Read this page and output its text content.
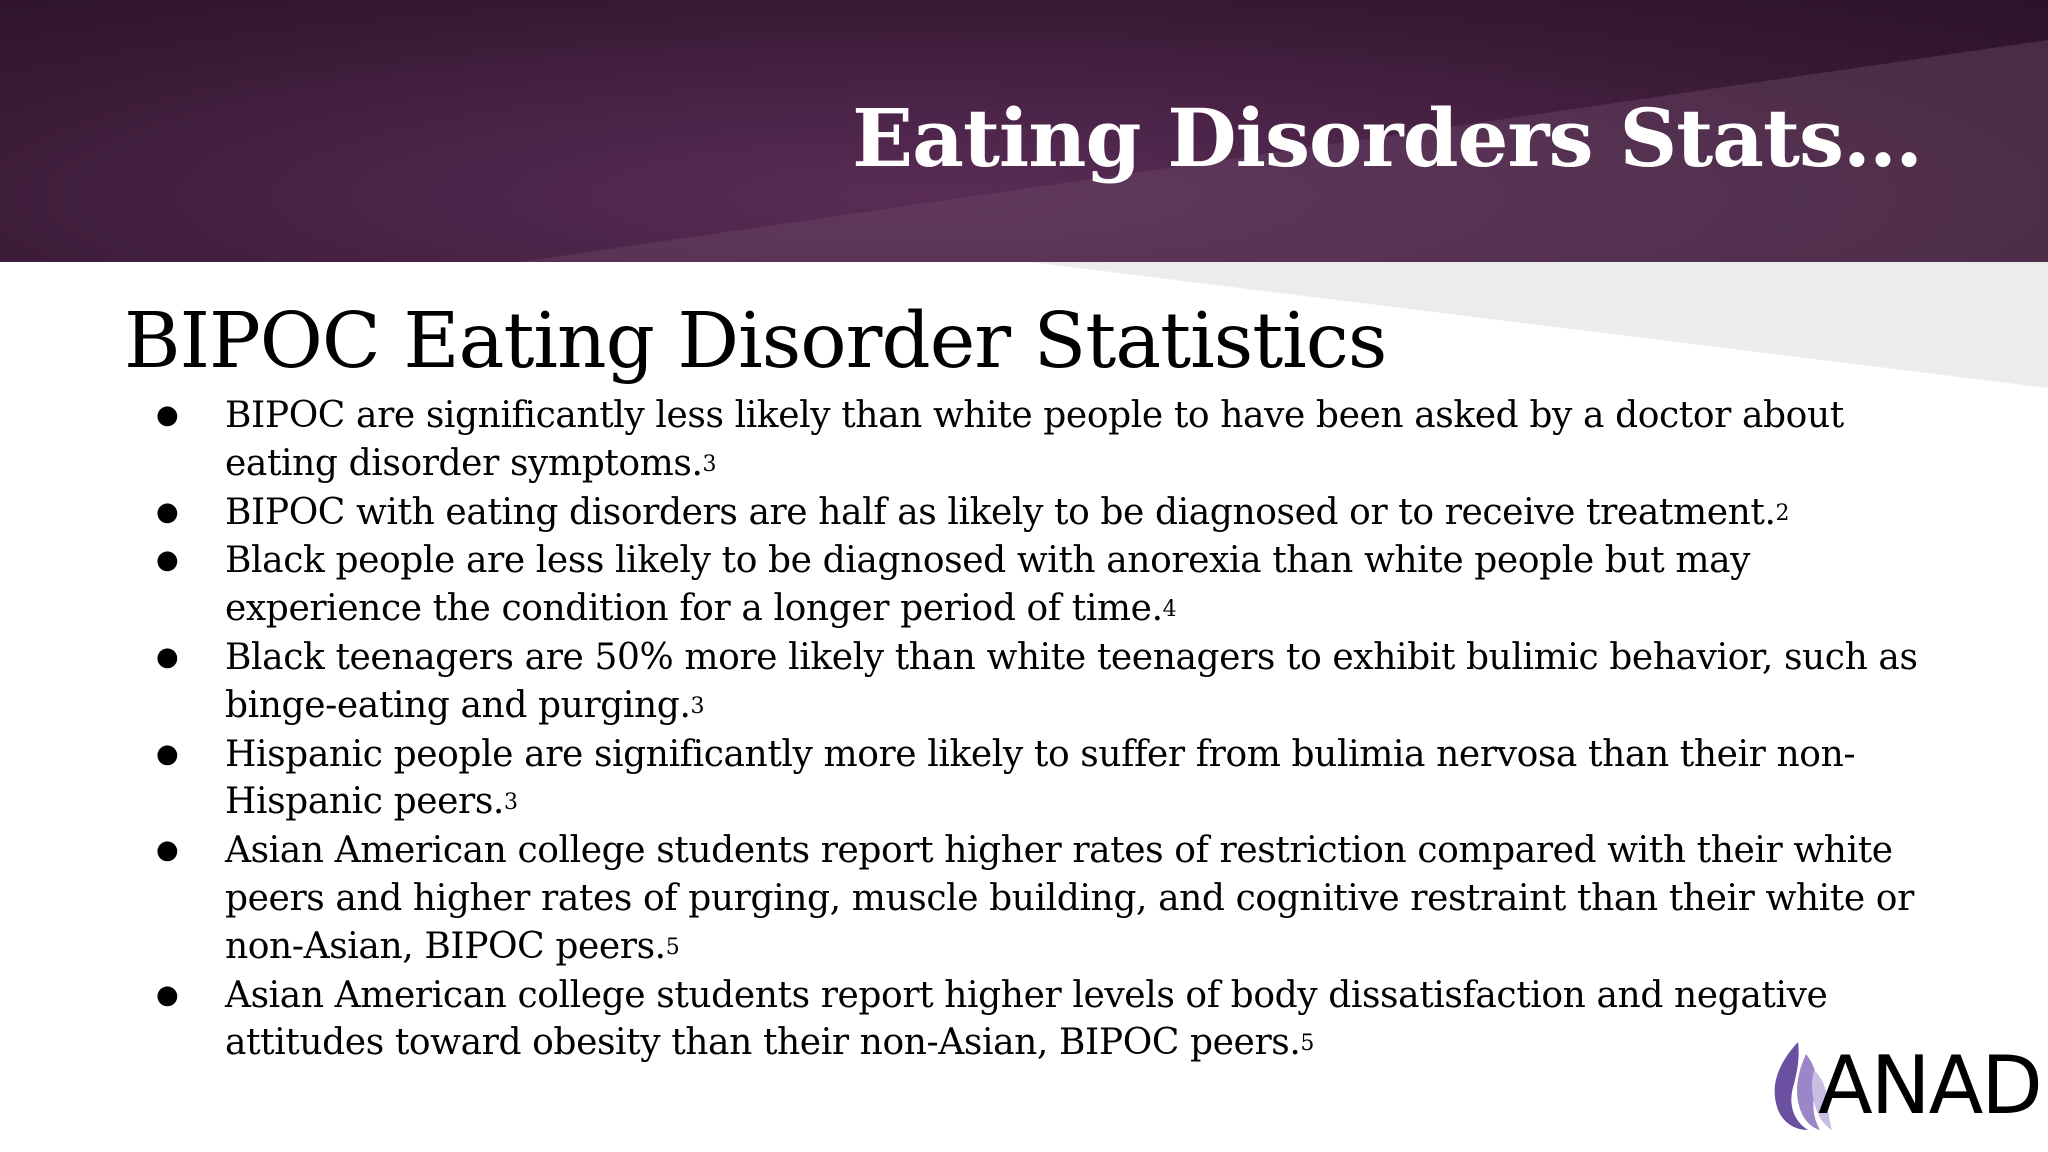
Eating Disorders Stats…
BIPOC Eating Disorder Statistics
● BIPOC are significantly less likely than white people to have been asked by a doctor about eating disorder symptoms.$^3$
● BIPOC with eating disorders are half as likely to be diagnosed or to receive treatment.$^2$
● Black people are less likely to be diagnosed with anorexia than white people but may experience the condition for a longer period of time.$^4$
● Black teenagers are 50% more likely than white teenagers to exhibit bulimic behavior, such as binge-eating and purging.$^3$
● Hispanic people are significantly more likely to suffer from bulimia nervosa than their non-Hispanic peers.$^3$
● Asian American college students report higher rates of restriction compared with their white peers and higher rates of purging, muscle building, and cognitive restraint than their white or non-Asian, BIPOC peers.$^5$
● Asian American college students report higher levels of body dissatisfaction and negative attitudes toward obesity than their non-Asian, BIPOC peers.$^5$	ANAD
